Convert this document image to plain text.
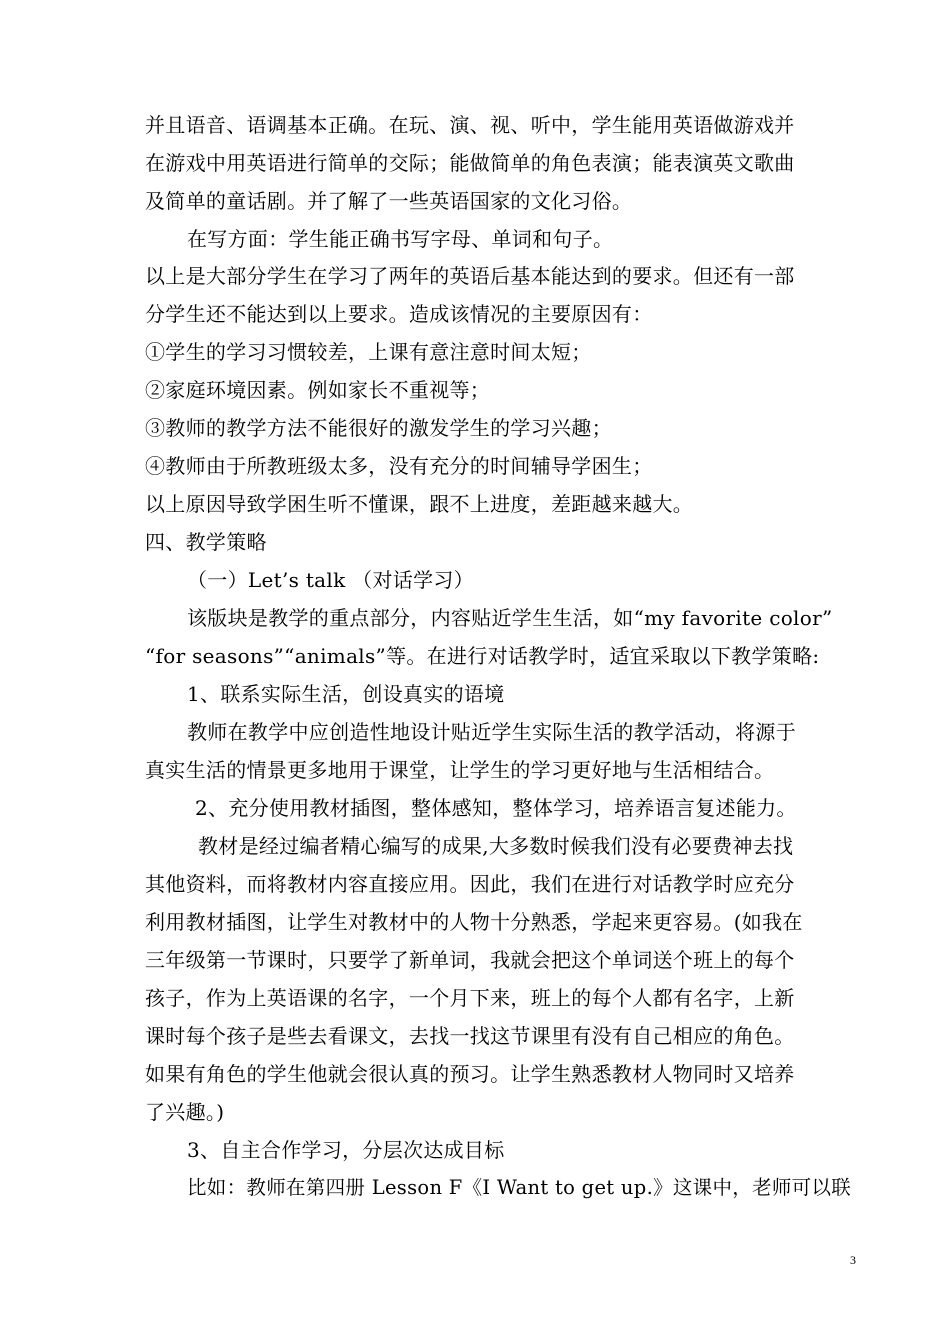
并且语音、语调基本正确。在玩、演、视、听中，学生能用英语做游戏并
在游戏中用英语进行简单的交际；能做简单的角色表演；能表演英文歌曲
及简单的童话剧。并了解了一些英语国家的文化习俗。
在写方面：学生能正确书写字母、单词和句子。
以上是大部分学生在学习了两年的英语后基本能达到的要求。但还有一部
分学生还不能达到以上要求。造成该情况的主要原因有：
①学生的学习习惯较差，上课有意注意时间太短；
②家庭环境因素。例如家长不重视等；
③教师的教学方法不能很好的激发学生的学习兴趣；
④教师由于所教班级太多，没有充分的时间辅导学困生；
以上原因导致学困生听不懂课，跟不上进度，差距越来越大。
四、教学策略
（一）Let’s talk （对话学习）
该版块是教学的重点部分，内容贴近学生生活，如“my favorite color”
“for seasons”“animals”等。在进行对话教学时，适宜采取以下教学策略:
1、联系实际生活，创设真实的语境
教师在教学中应创造性地设计贴近学生实际生活的教学活动，将源于
真实生活的情景更多地用于课堂，让学生的学习更好地与生活相结合。
2、充分使用教材插图，整体感知，整体学习，培养语言复述能力。
教材是经过编者精心编写的成果,大多数时候我们没有必要费神去找
其他资料，而将教材内容直接应用。因此，我们在进行对话教学时应充分
利用教材插图，让学生对教材中的人物十分熟悉，学起来更容易。(如我在
三年级第一节课时，只要学了新单词，我就会把这个单词送个班上的每个
孩子，作为上英语课的名字，一个月下来，班上的每个人都有名字，上新
课时每个孩子是些去看课文，去找一找这节课里有没有自己相应的角色。
如果有角色的学生他就会很认真的预习。让学生熟悉教材人物同时又培养
了兴趣。)
3、自主合作学习，分层次达成目标
比如：教师在第四册 Lesson F《I Want to get up.》这课中，老师可以联
3
